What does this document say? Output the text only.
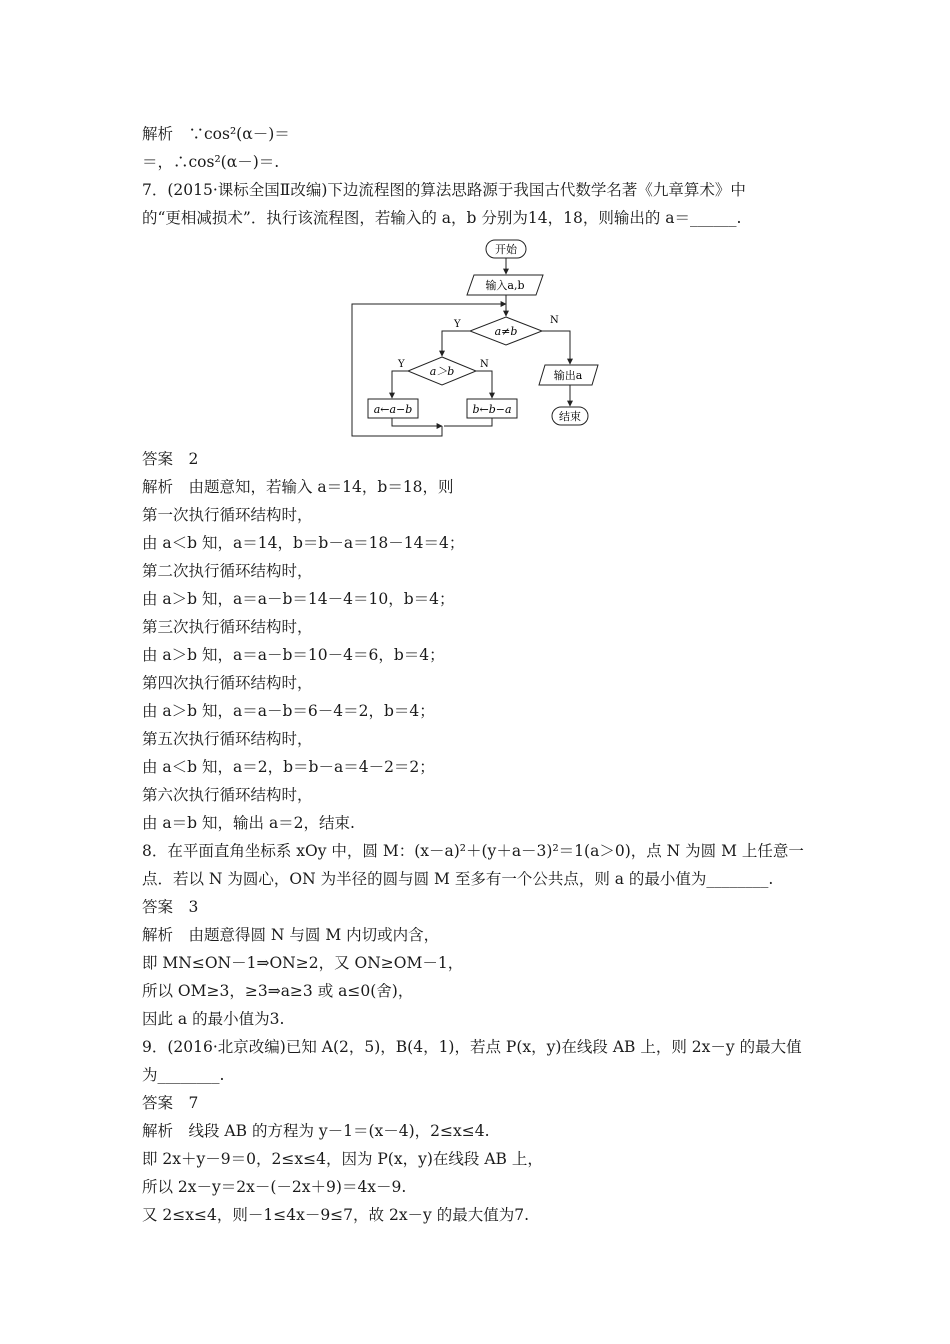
解析　∵cos²(α－)＝
＝，∴cos²(α－)＝.
7．(2015·课标全国Ⅱ改编)下边流程图的算法思路源于我国古代数学名著《九章算术》中
的“更相减损术”．执行该流程图，若输入的 a，b 分别为14，18，则输出的 a＝______.
开始
输入a,b
a≠b
Y	N
a＞b
Y	N
a←a−b	b←b−a
输出a
结束
答案　2
解析　由题意知，若输入 a＝14，b＝18，则
第一次执行循环结构时，
由 a＜b 知，a＝14，b＝b－a＝18－14＝4；
第二次执行循环结构时，
由 a＞b 知，a＝a－b＝14－4＝10，b＝4；
第三次执行循环结构时，
由 a＞b 知，a＝a－b＝10－4＝6，b＝4；
第四次执行循环结构时，
由 a＞b 知，a＝a－b＝6－4＝2，b＝4；
第五次执行循环结构时，
由 a＜b 知，a＝2，b＝b－a＝4－2＝2；
第六次执行循环结构时，
由 a＝b 知，输出 a＝2，结束.
8．在平面直角坐标系 xOy 中，圆 M：(x－a)²＋(y＋a－3)²＝1(a＞0)，点 N 为圆 M 上任意一
点．若以 N 为圆心，ON 为半径的圆与圆 M 至多有一个公共点，则 a 的最小值为________.
答案　3
解析　由题意得圆 N 与圆 M 内切或内含，
即 MN≤ON－1⇒ON≥2，又 ON≥OM－1，
所以 OM≥3，≥3⇒a≥3 或 a≤0(舍)，
因此 a 的最小值为3.
9．(2016·北京改编)已知 A(2，5)，B(4，1)，若点 P(x，y)在线段 AB 上，则 2x－y 的最大值
为________.
答案　7
解析　线段 AB 的方程为 y－1＝(x－4)，2≤x≤4.
即 2x＋y－9＝0，2≤x≤4，因为 P(x，y)在线段 AB 上，
所以 2x－y＝2x－(－2x＋9)＝4x－9.
又 2≤x≤4，则－1≤4x－9≤7，故 2x－y 的最大值为7.
